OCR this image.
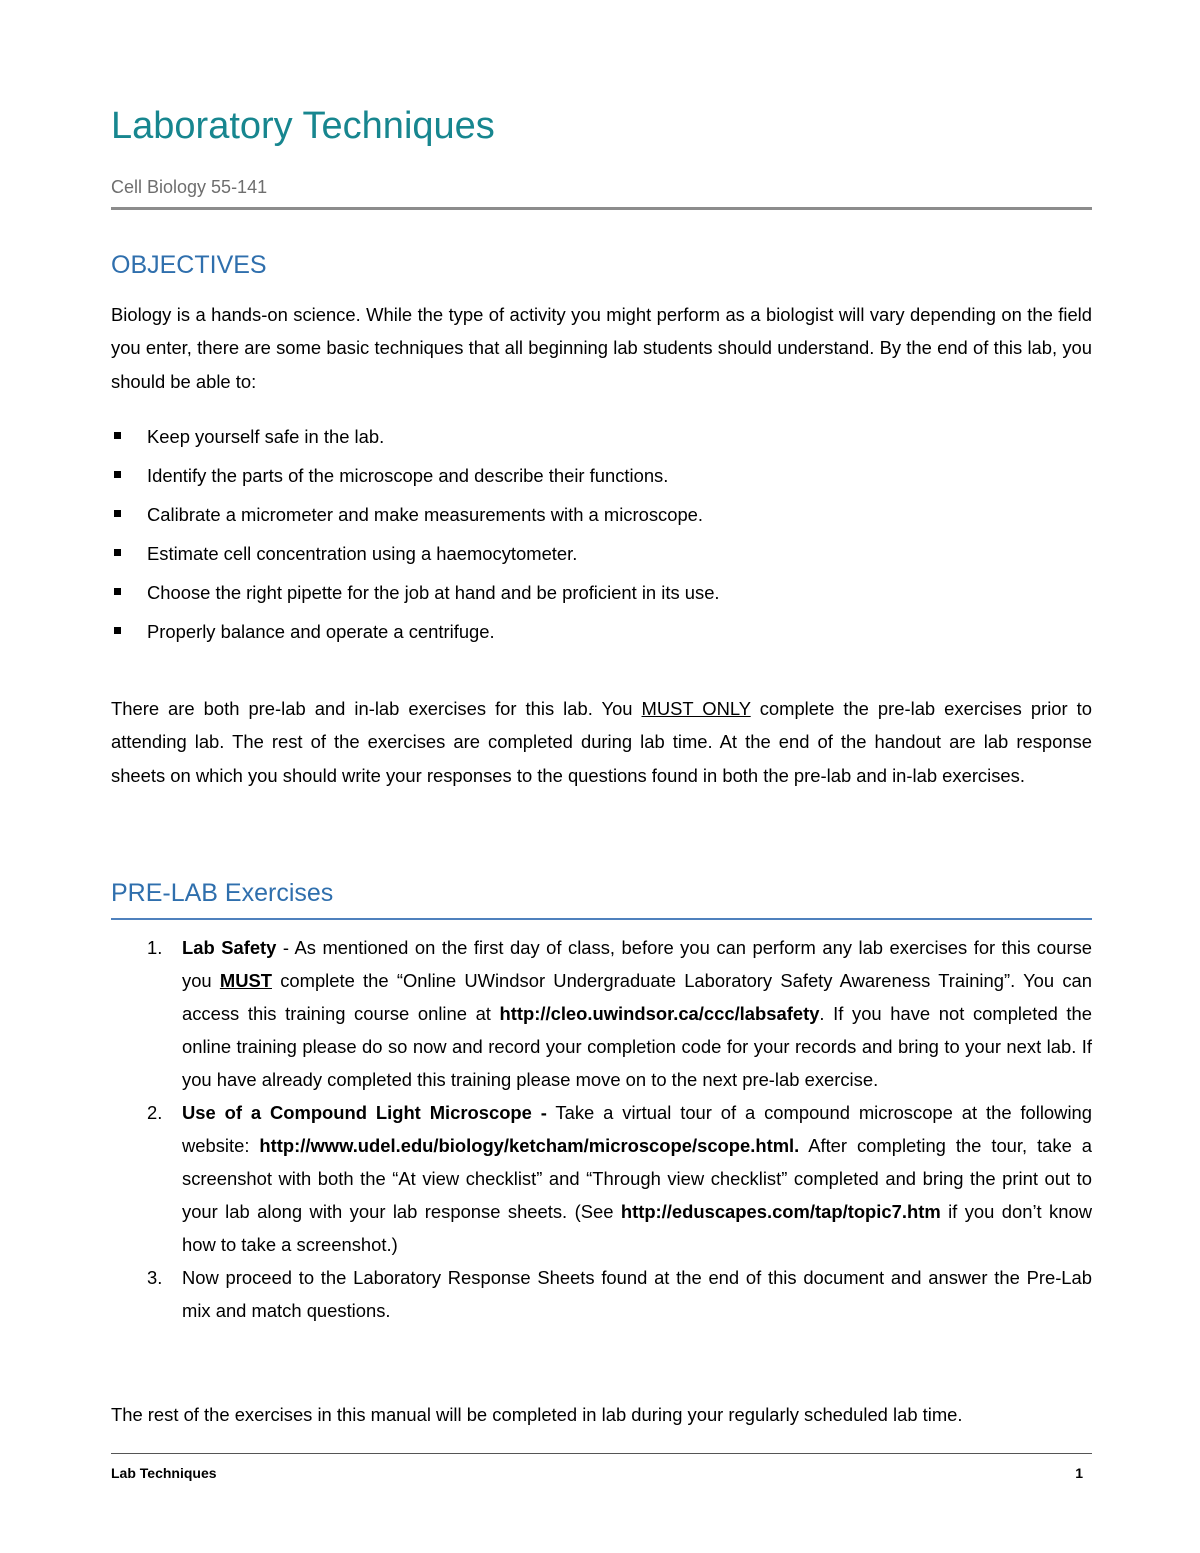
Laboratory Techniques
Cell Biology 55-141
OBJECTIVES

Biology is a hands-on science. While the type of activity you might perform as a biologist will vary depending on the field you enter, there are some basic techniques that all beginning lab students should understand. By the end of this lab, you should be able to:

Keep yourself safe in the lab.
Identify the parts of the microscope and describe their functions.
Calibrate a micrometer and make measurements with a microscope.
Estimate cell concentration using a haemocytometer.
Choose the right pipette for the job at hand and be proficient in its use.
Properly balance and operate a centrifuge.

There are both pre-lab and in-lab exercises for this lab. You MUST ONLY complete the pre-lab exercises prior to attending lab. The rest of the exercises are completed during lab time. At the end of the handout are lab response sheets on which you should write your responses to the questions found in both the pre-lab and in-lab exercises.

PRE-LAB Exercises
1. Lab Safety - As mentioned on the first day of class, before you can perform any lab exercises for this course you MUST complete the “Online UWindsor Undergraduate Laboratory Safety Awareness Training”. You can access this training course online at http://cleo.uwindsor.ca/ccc/labsafety. If you have not completed the online training please do so now and record your completion code for your records and bring to your next lab. If you have already completed this training please move on to the next pre-lab exercise.
2. Use of a Compound Light Microscope - Take a virtual tour of a compound microscope at the following website: http://www.udel.edu/biology/ketcham/microscope/scope.html. After completing the tour, take a screenshot with both the “At view checklist” and “Through view checklist” completed and bring the print out to your lab along with your lab response sheets. (See http://eduscapes.com/tap/topic7.htm if you don’t know how to take a screenshot.)
3. Now proceed to the Laboratory Response Sheets found at the end of this document and answer the Pre-Lab mix and match questions.

The rest of the exercises in this manual will be completed in lab during your regularly scheduled lab time.

Lab Techniques	1
